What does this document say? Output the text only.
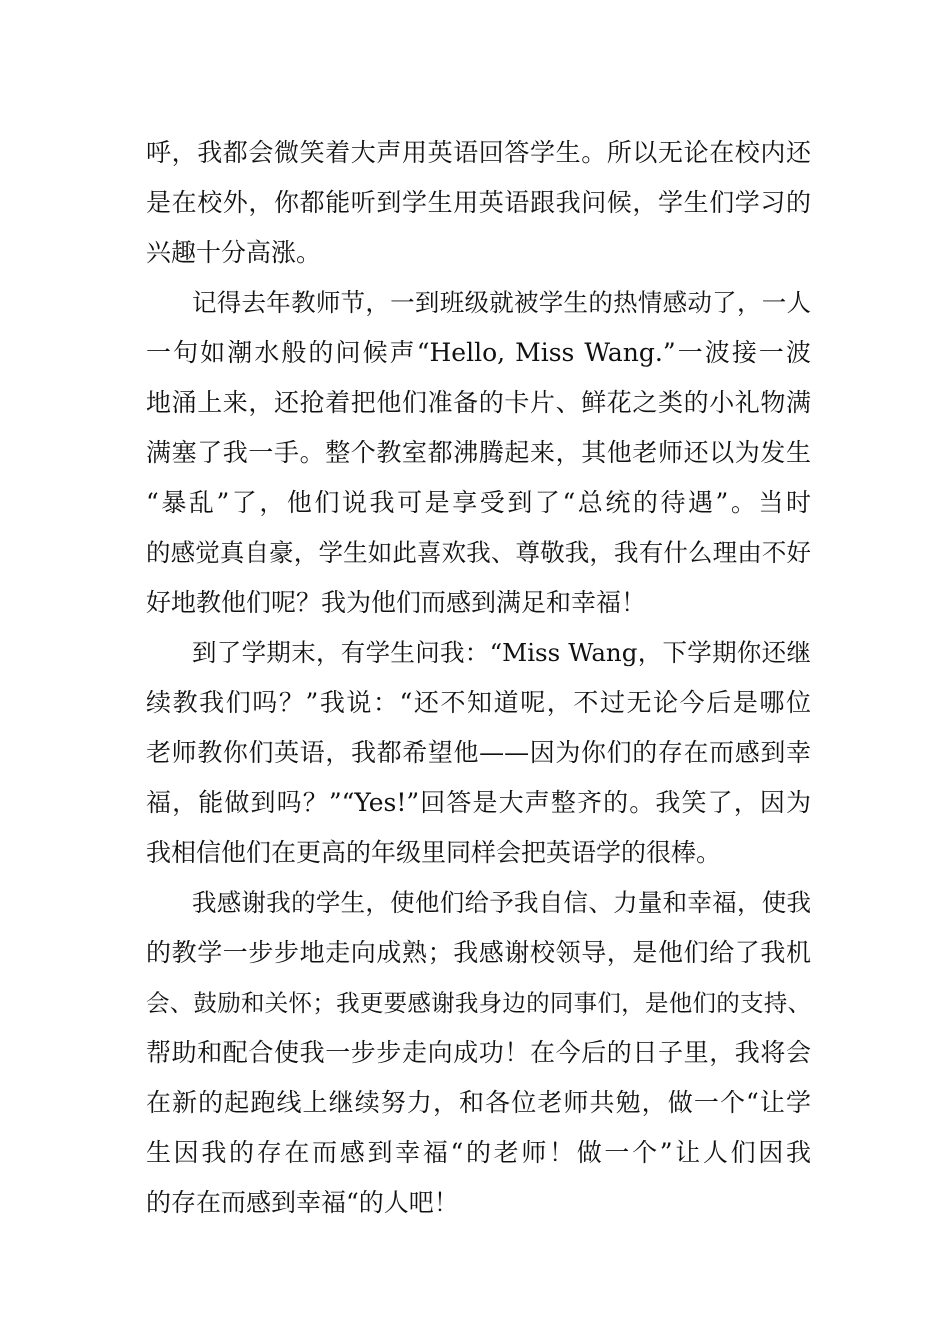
呼，我都会微笑着大声用英语回答学生。所以无论在校内还
是在校外，你都能听到学生用英语跟我问候，学生们学习的
兴趣十分高涨。
记得去年教师节，一到班级就被学生的热情感动了，一人
一句如潮水般的问候声“Hello, Miss Wang.”一波接一波
地涌上来，还抢着把他们准备的卡片、鲜花之类的小礼物满
满塞了我一手。整个教室都沸腾起来，其他老师还以为发生
“暴乱”了，他们说我可是享受到了“总统的待遇”。当时
的感觉真自豪，学生如此喜欢我、尊敬我，我有什么理由不好
好地教他们呢？我为他们而感到满足和幸福！
到了学期末，有学生问我：“Miss Wang，下学期你还继
续教我们吗？”我说：“还不知道呢，不过无论今后是哪位
老师教你们英语，我都希望他——因为你们的存在而感到幸
福，能做到吗？”“Yes!”回答是大声整齐的。我笑了，因为
我相信他们在更高的年级里同样会把英语学的很棒。
我感谢我的学生，使他们给予我自信、力量和幸福，使我
的教学一步步地走向成熟；我感谢校领导，是他们给了我机
会、鼓励和关怀；我更要感谢我身边的同事们，是他们的支持、
帮助和配合使我一步步走向成功！在今后的日子里，我将会
在新的起跑线上继续努力，和各位老师共勉，做一个“让学
生因我的存在而感到幸福“的老师！做一个”让人们因我
的存在而感到幸福“的人吧！
